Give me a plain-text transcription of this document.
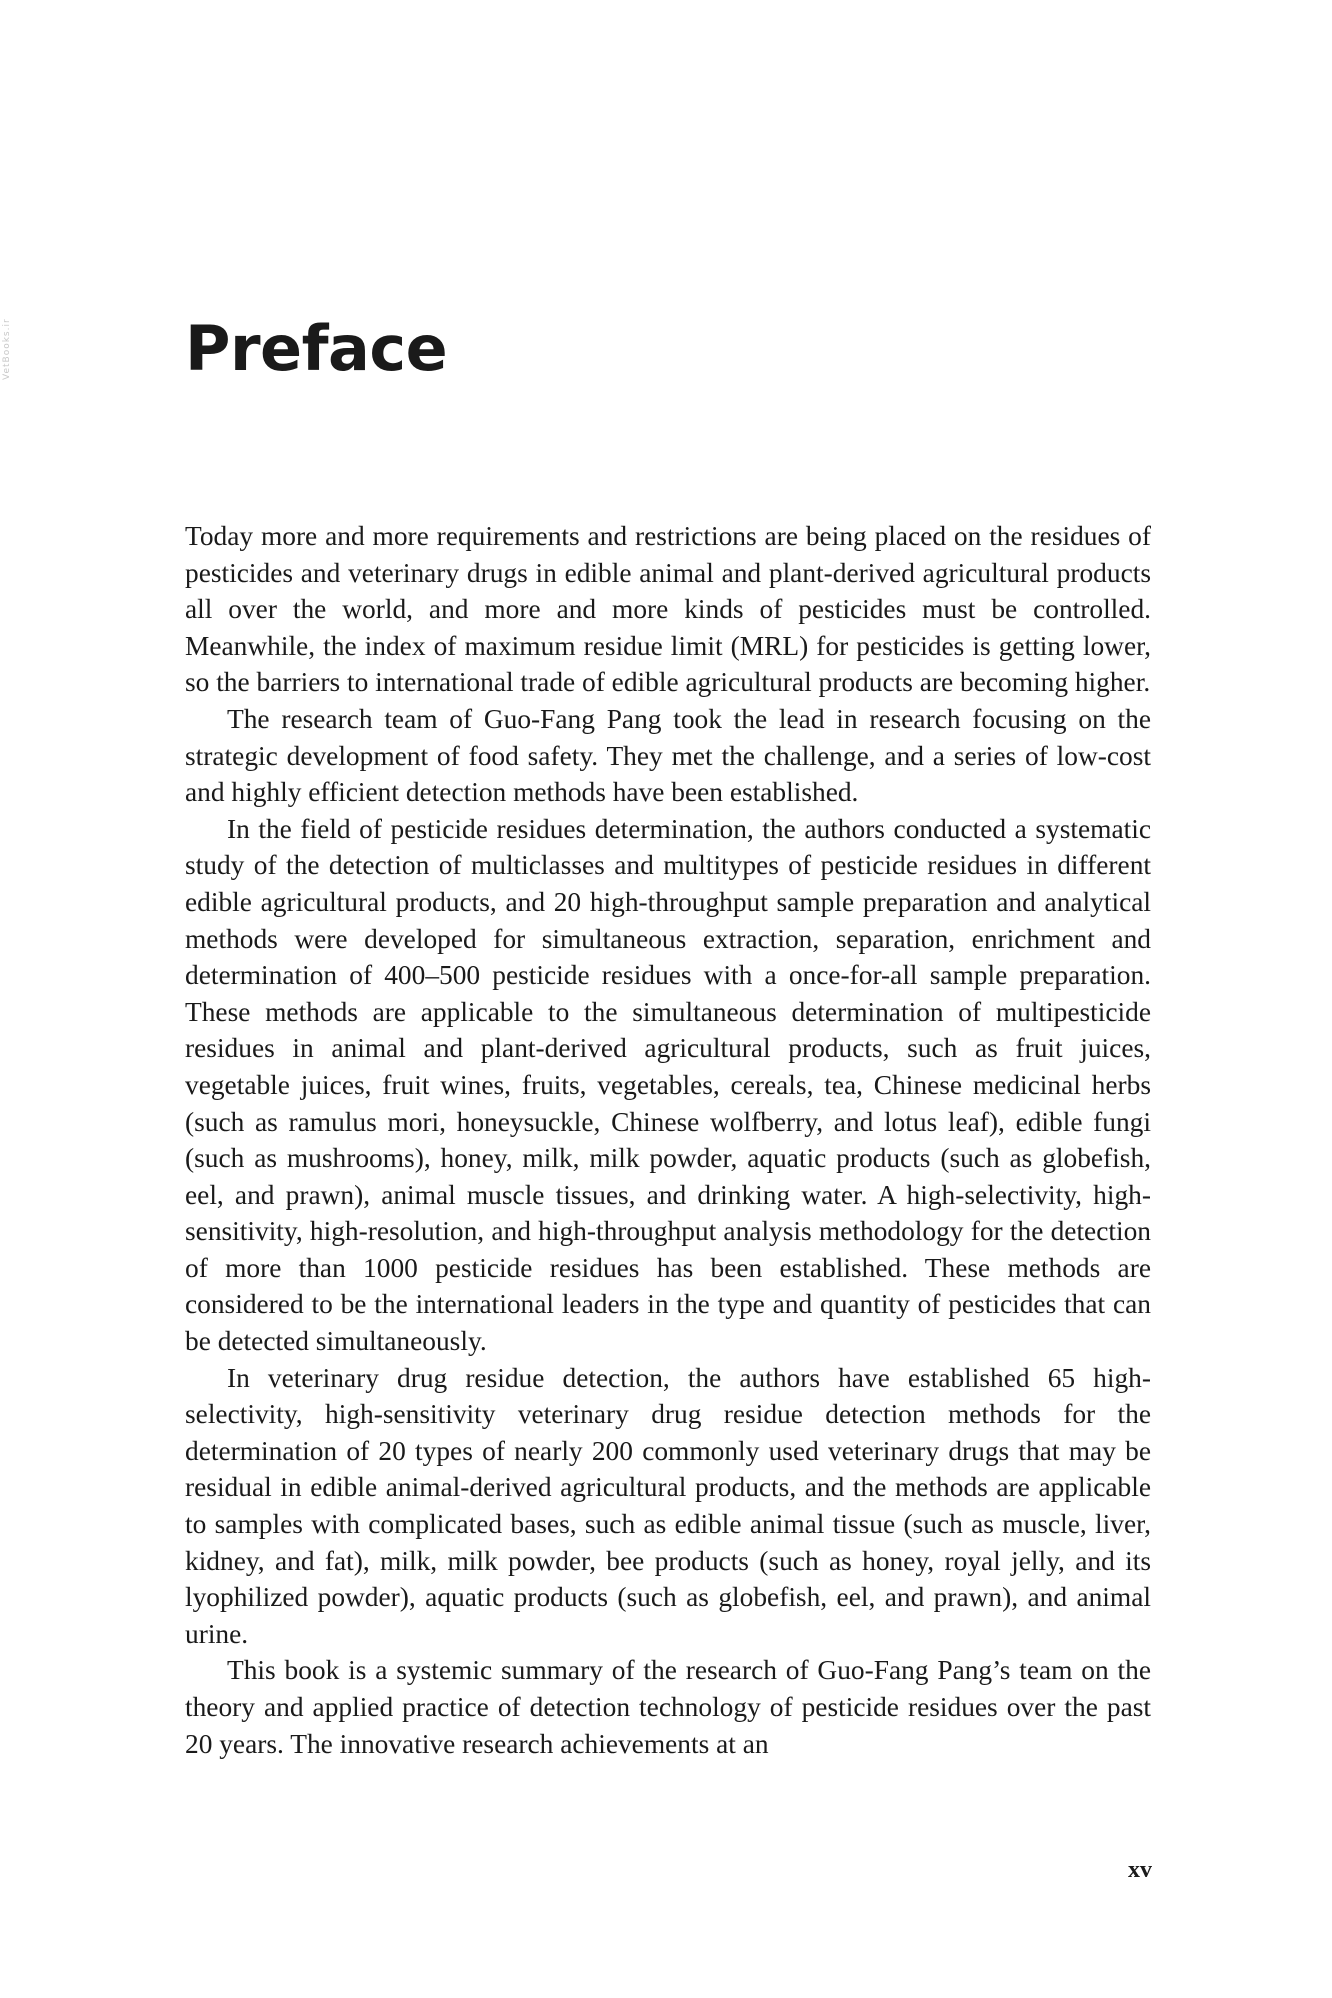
VetBooks.ir	Preface

Today more and more requirements and restrictions are being placed on the residues of pesticides and veterinary drugs in edible animal and plant-derived agricultural products all over the world, and more and more kinds of pesticides must be controlled. Meanwhile, the index of maximum residue limit (MRL) for pesticides is getting lower, so the barriers to international trade of edible agricultural products are becoming higher.

The research team of Guo-Fang Pang took the lead in research focusing on the strategic development of food safety. They met the challenge, and a series of low-cost and highly efficient detection methods have been established.

In the field of pesticide residues determination, the authors conducted a systematic study of the detection of multiclasses and multitypes of pesticide residues in different edible agricultural products, and 20 high-throughput sample preparation and analytical methods were developed for simultaneous extraction, separation, enrichment and determination of 400–500 pesticide residues with a once-for-all sample preparation. These methods are applicable to the simultaneous determination of multipesticide residues in animal and plant-derived agricultural products, such as fruit juices, vegetable juices, fruit wines, fruits, vegetables, cereals, tea, Chinese medicinal herbs (such as ramulus mori, honeysuckle, Chinese wolfberry, and lotus leaf), edible fungi (such as mushrooms), honey, milk, milk powder, aquatic products (such as globefish, eel, and prawn), animal muscle tissues, and drinking water. A high-selectivity, high-sensitivity, high-resolution, and high-throughput analysis methodology for the detection of more than 1000 pesticide residues has been established. These methods are considered to be the international leaders in the type and quantity of pesticides that can be detected simultaneously.

In veterinary drug residue detection, the authors have established 65 high-selectivity, high-sensitivity veterinary drug residue detection methods for the determination of 20 types of nearly 200 commonly used veterinary drugs that may be residual in edible animal-derived agricultural products, and the methods are applicable to samples with complicated bases, such as edible animal tissue (such as muscle, liver, kidney, and fat), milk, milk powder, bee products (such as honey, royal jelly, and its lyophilized powder), aquatic products (such as globefish, eel, and prawn), and animal urine.

This book is a systemic summary of the research of Guo-Fang Pang’s team on the theory and applied practice of detection technology of pesticide residues over the past 20 years. The innovative research achievements at an

xv
